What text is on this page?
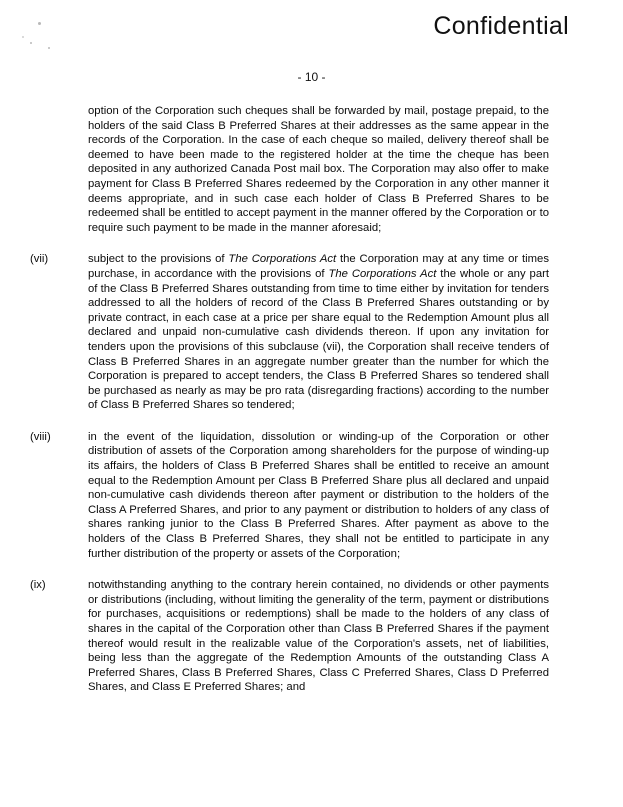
Confidential
- 10 -
option of the Corporation such cheques shall be forwarded by mail, postage prepaid, to the holders of the said Class B Preferred Shares at their addresses as the same appear in the records of the Corporation. In the case of each cheque so mailed, delivery thereof shall be deemed to have been made to the registered holder at the time the cheque has been deposited in any authorized Canada Post mail box. The Corporation may also offer to make payment for Class B Preferred Shares redeemed by the Corporation in any other manner it deems appropriate, and in such case each holder of Class B Preferred Shares to be redeemed shall be entitled to accept payment in the manner offered by the Corporation or to require such payment to be made in the manner aforesaid;
(vii)	subject to the provisions of The Corporations Act the Corporation may at any time or times purchase, in accordance with the provisions of The Corporations Act the whole or any part of the Class B Preferred Shares outstanding from time to time either by invitation for tenders addressed to all the holders of record of the Class B Preferred Shares outstanding or by private contract, in each case at a price per share equal to the Redemption Amount plus all declared and unpaid non-cumulative cash dividends thereon. If upon any invitation for tenders upon the provisions of this subclause (vii), the Corporation shall receive tenders of Class B Preferred Shares in an aggregate number greater than the number for which the Corporation is prepared to accept tenders, the Class B Preferred Shares so tendered shall be purchased as nearly as may be pro rata (disregarding fractions) according to the number of Class B Preferred Shares so tendered;
(viii)	in the event of the liquidation, dissolution or winding-up of the Corporation or other distribution of assets of the Corporation among shareholders for the purpose of winding-up its affairs, the holders of Class B Preferred Shares shall be entitled to receive an amount equal to the Redemption Amount per Class B Preferred Share plus all declared and unpaid non-cumulative cash dividends thereon after payment or distribution to the holders of the Class A Preferred Shares, and prior to any payment or distribution to holders of any class of shares ranking junior to the Class B Preferred Shares. After payment as above to the holders of the Class B Preferred Shares, they shall not be entitled to participate in any further distribution of the property or assets of the Corporation;
(ix)	notwithstanding anything to the contrary herein contained, no dividends or other payments or distributions (including, without limiting the generality of the term, payment or distributions for purchases, acquisitions or redemptions) shall be made to the holders of any class of shares in the capital of the Corporation other than Class B Preferred Shares if the payment thereof would result in the realizable value of the Corporation's assets, net of liabilities, being less than the aggregate of the Redemption Amounts of the outstanding Class A Preferred Shares, Class B Preferred Shares, Class C Preferred Shares, Class D Preferred Shares, and Class E Preferred Shares; and
